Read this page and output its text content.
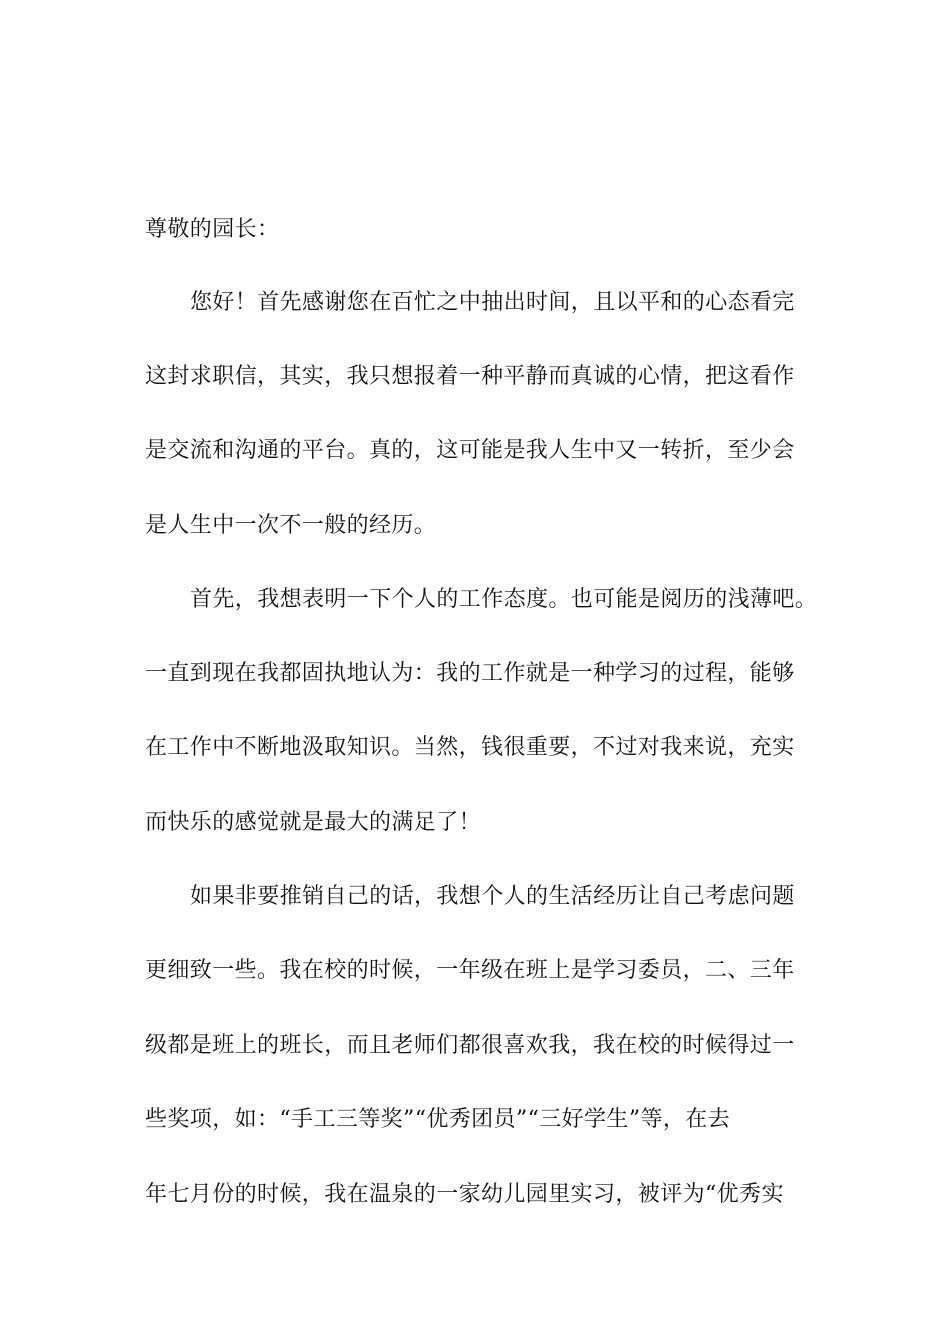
尊敬的园长：
您好！首先感谢您在百忙之中抽出时间，且以平和的心态看完
这封求职信，其实，我只想报着一种平静而真诚的心情，把这看作
是交流和沟通的平台。真的，这可能是我人生中又一转折，至少会
是人生中一次不一般的经历。
首先，我想表明一下个人的工作态度。也可能是阅历的浅薄吧。
一直到现在我都固执地认为：我的工作就是一种学习的过程，能够
在工作中不断地汲取知识。当然，钱很重要，不过对我来说，充实
而快乐的感觉就是最大的满足了！
如果非要推销自己的话，我想个人的生活经历让自己考虑问题
更细致一些。我在校的时候，一年级在班上是学习委员，二、三年
级都是班上的班长，而且老师们都很喜欢我，我在校的时候得过一
些奖项，如：“手工三等奖”“优秀团员”“三好学生”等，在去
年七月份的时候，我在温泉的一家幼儿园里实习，被评为“优秀实
